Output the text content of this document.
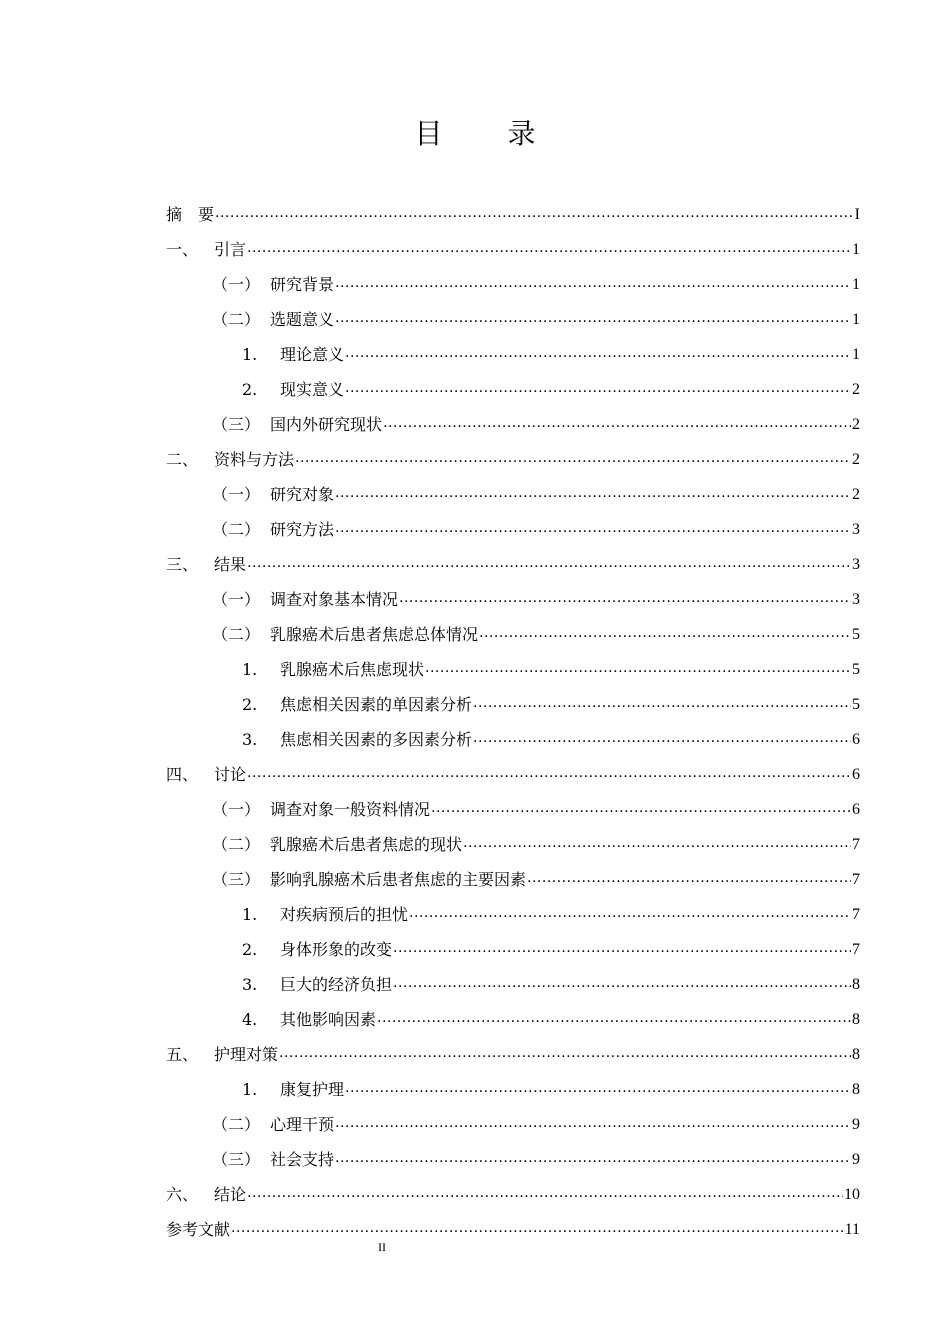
目 录
摘　要 .....	I
一、 引言 .....	1
（一） 研究背景 .....	1
（二） 选题意义 .....	1
1.	理论意义 .....	1
2.	现实意义 .....	2
（三） 国内外研究现状 .....	2
二、 资料与方法 .....	2
（一） 研究对象 .....	2
（二） 研究方法 .....	3
三、 结果 .....	3
（一） 调查对象基本情况 .....	3
（二） 乳腺癌术后患者焦虑总体情况 .....	5
1.	乳腺癌术后焦虑现状 .....	5
2.	焦虑相关因素的单因素分析 .....	5
3.	焦虑相关因素的多因素分析 .....	6
四、 讨论 .....	6
（一） 调查对象一般资料情况 .....	6
（二） 乳腺癌术后患者焦虑的现状 .....	7
（三） 影响乳腺癌术后患者焦虑的主要因素 .....	7
1.	对疾病预后的担忧 .....	7
2.	身体形象的改变 .....	7
3.	巨大的经济负担 .....	8
4.	其他影响因素 .....	8
五、 护理对策 .....	8
1.	康复护理 .....	8
（二） 心理干预 .....	9
（三） 社会支持 .....	9
六、 结论 .....	10
参考文献 .....	11
II
